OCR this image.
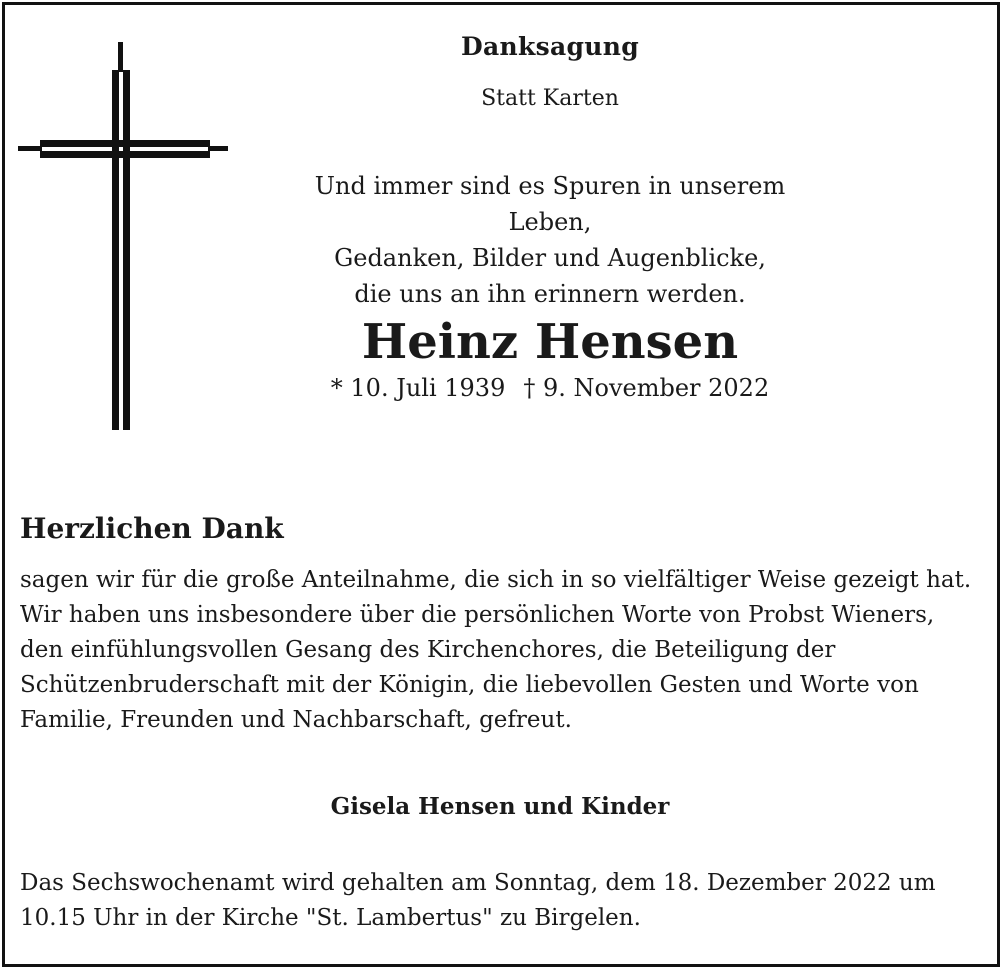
Danksagung
Statt Karten
Und immer sind es Spuren in unserem Leben,
Gedanken, Bilder und Augenblicke,
die uns an ihn erinnern werden.
Heinz Hensen
* 10. Juli 1939 † 9. November 2022
Herzlichen Dank
sagen wir für die große Anteilnahme, die sich in so vielfältiger Weise gezeigt hat.
Wir haben uns insbesondere über die persönlichen Worte von Probst Wieners,
den einfühlungsvollen Gesang des Kirchenchores, die Beteiligung der
Schützenbruderschaft mit der Königin, die liebevollen Gesten und Worte von
Familie, Freunden und Nachbarschaft, gefreut.
Gisela Hensen und Kinder
Das Sechswochenamt wird gehalten am Sonntag, dem 18. Dezember 2022 um
10.15 Uhr in der Kirche "St. Lambertus" zu Birgelen.
